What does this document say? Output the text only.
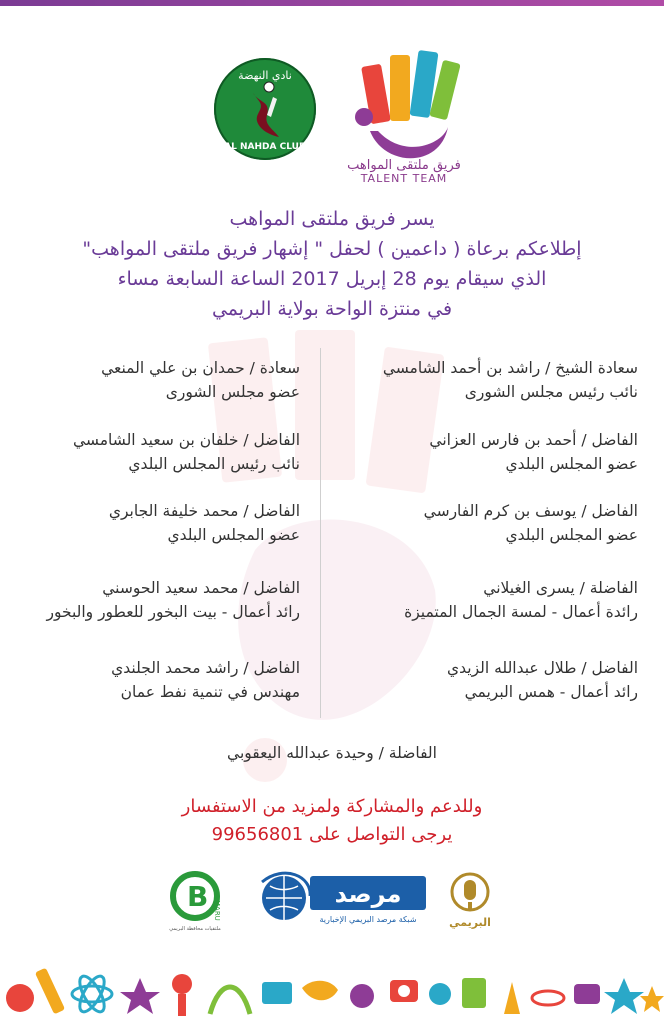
نادي النهضة
AL NAHDA CLUB
فريق ملتقى المواهب
TALENT TEAM
يسر فريق ملتقى المواهب
إطلاعكم برعاة ( داعمين ) لحفل " إشهار فريق ملتقى المواهب"
الذي سيقام يوم 28 إبريل 2017 الساعة السابعة مساء
في منتزة الواحة بولاية البريمي
سعادة الشيخ / راشد بن أحمد الشامسي
نائب رئيس مجلس الشورى
الفاضل / أحمد بن فارس العزاني
عضو المجلس البلدي
الفاضل / يوسف بن كرم الفارسي
عضو المجلس البلدي
الفاضلة / يسرى الغيلاني
رائدة أعمال - لمسة الجمال المتميزة
الفاضل / طلال عبدالله الزيدي
رائد أعمال - همس البريمي
سعادة / حمدان بن علي المنعي
عضو مجلس الشورى
الفاضل / خلفان بن سعيد الشامسي
نائب رئيس المجلس البلدي
الفاضل / محمد خليفة الجابري
عضو المجلس البلدي
الفاضل / محمد سعيد الحوسني
رائد أعمال - بيت البخور للعطور والبخور
الفاضل / راشد محمد الجلندي
مهندس في تنمية نفط عمان
الفاضلة / وحيدة عبدالله اليعقوبي
وللدعم والمشاركة ولمزيد من الاستفسار
يرجى التواصل على 99656801
B I'MARU
ملتقيات محافظة البريمي
مرصد
شبكة مرصد البريمي الإخبارية	البريمي
